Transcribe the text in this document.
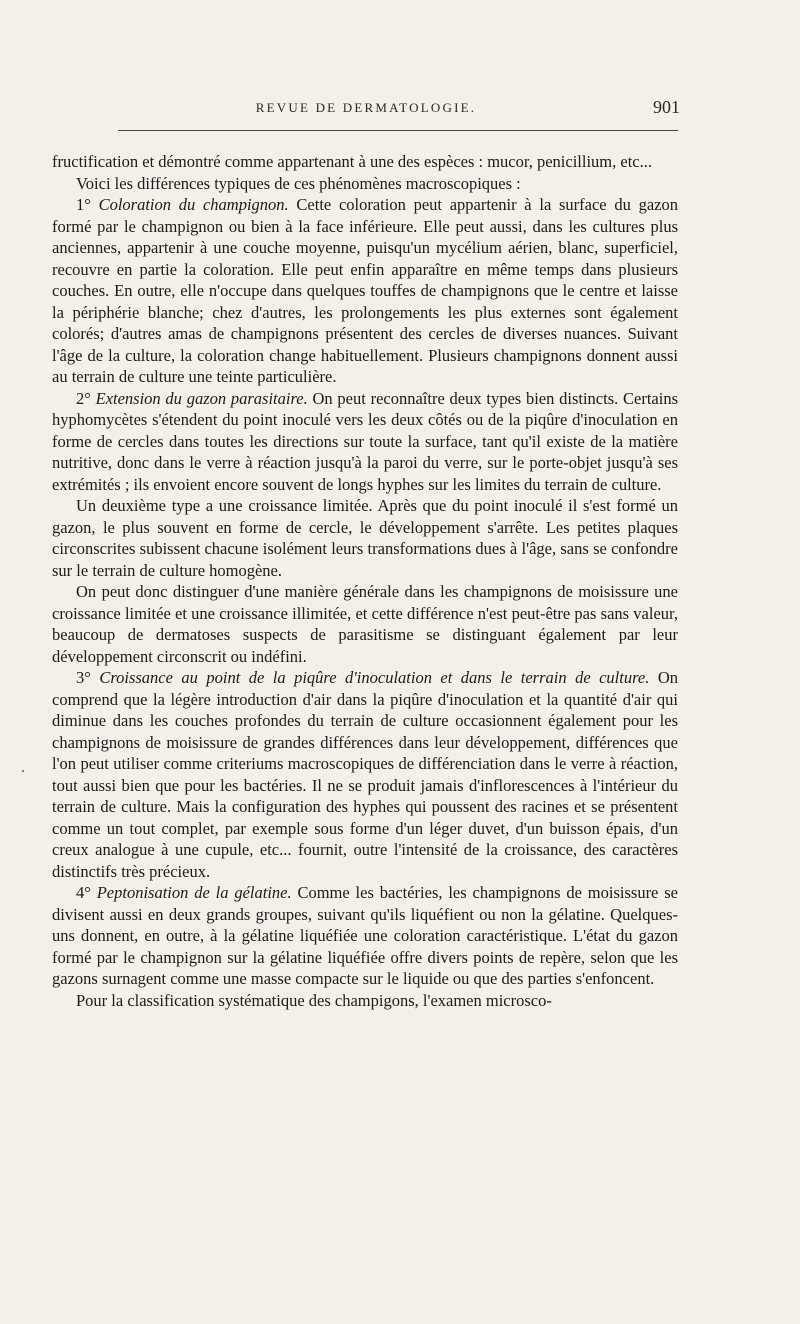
REVUE DE DERMATOLOGIE.	901

fructification et démontré comme appartenant à une des espèces : mucor, penicillium, etc...

Voici les différences typiques de ces phénomènes macroscopiques :

1° Coloration du champignon. Cette coloration peut appartenir à la surface du gazon formé par le champignon ou bien à la face inférieure. Elle peut aussi, dans les cultures plus anciennes, appartenir à une couche moyenne, puisqu'un mycélium aérien, blanc, superficiel, recouvre en partie la coloration. Elle peut enfin apparaître en même temps dans plusieurs couches. En outre, elle n'occupe dans quelques touffes de champignons que le centre et laisse la périphérie blanche; chez d'autres, les prolongements les plus externes sont également colorés; d'autres amas de champignons présentent des cercles de diverses nuances. Suivant l'âge de la culture, la coloration change habituellement. Plusieurs champignons donnent aussi au terrain de culture une teinte particulière.

2° Extension du gazon parasitaire. On peut reconnaître deux types bien distincts. Certains hyphomycètes s'étendent du point inoculé vers les deux côtés ou de la piqûre d'inoculation en forme de cercles dans toutes les directions sur toute la surface, tant qu'il existe de la matière nutritive, donc dans le verre à réaction jusqu'à la paroi du verre, sur le porte-objet jusqu'à ses extrémités ; ils envoient encore souvent de longs hyphes sur les limites du terrain de culture.

Un deuxième type a une croissance limitée. Après que du point inoculé il s'est formé un gazon, le plus souvent en forme de cercle, le développement s'arrête. Les petites plaques circonscrites subissent chacune isolément leurs transformations dues à l'âge, sans se confondre sur le terrain de culture homogène.

On peut donc distinguer d'une manière générale dans les champignons de moisissure une croissance limitée et une croissance illimitée, et cette différence n'est peut-être pas sans valeur, beaucoup de dermatoses suspects de parasitisme se distinguant également par leur développement circonscrit ou indéfini.

3° Croissance au point de la piqûre d'inoculation et dans le terrain de culture. On comprend que la légère introduction d'air dans la piqûre d'inoculation et la quantité d'air qui diminue dans les couches profondes du terrain de culture occasionnent également pour les champignons de moisissure de grandes différences dans leur développement, différences que l'on peut utiliser comme criteriums macroscopiques de différenciation dans le verre à réaction, tout aussi bien que pour les bactéries. Il ne se produit jamais d'inflorescences à l'intérieur du terrain de culture. Mais la configuration des hyphes qui poussent des racines et se présentent comme un tout complet, par exemple sous forme d'un léger duvet, d'un buisson épais, d'un creux analogue à une cupule, etc... fournit, outre l'intensité de la croissance, des caractères distinctifs très précieux.

4° Peptonisation de la gélatine. Comme les bactéries, les champignons de moisissure se divisent aussi en deux grands groupes, suivant qu'ils liquéfient ou non la gélatine. Quelques-uns donnent, en outre, à la gélatine liquéfiée une coloration caractéristique. L'état du gazon formé par le champignon sur la gélatine liquéfiée offre divers points de repère, selon que les gazons surnagent comme une masse compacte sur le liquide ou que des parties s'enfoncent.

Pour la classification systématique des champigons, l'examen microsco-
